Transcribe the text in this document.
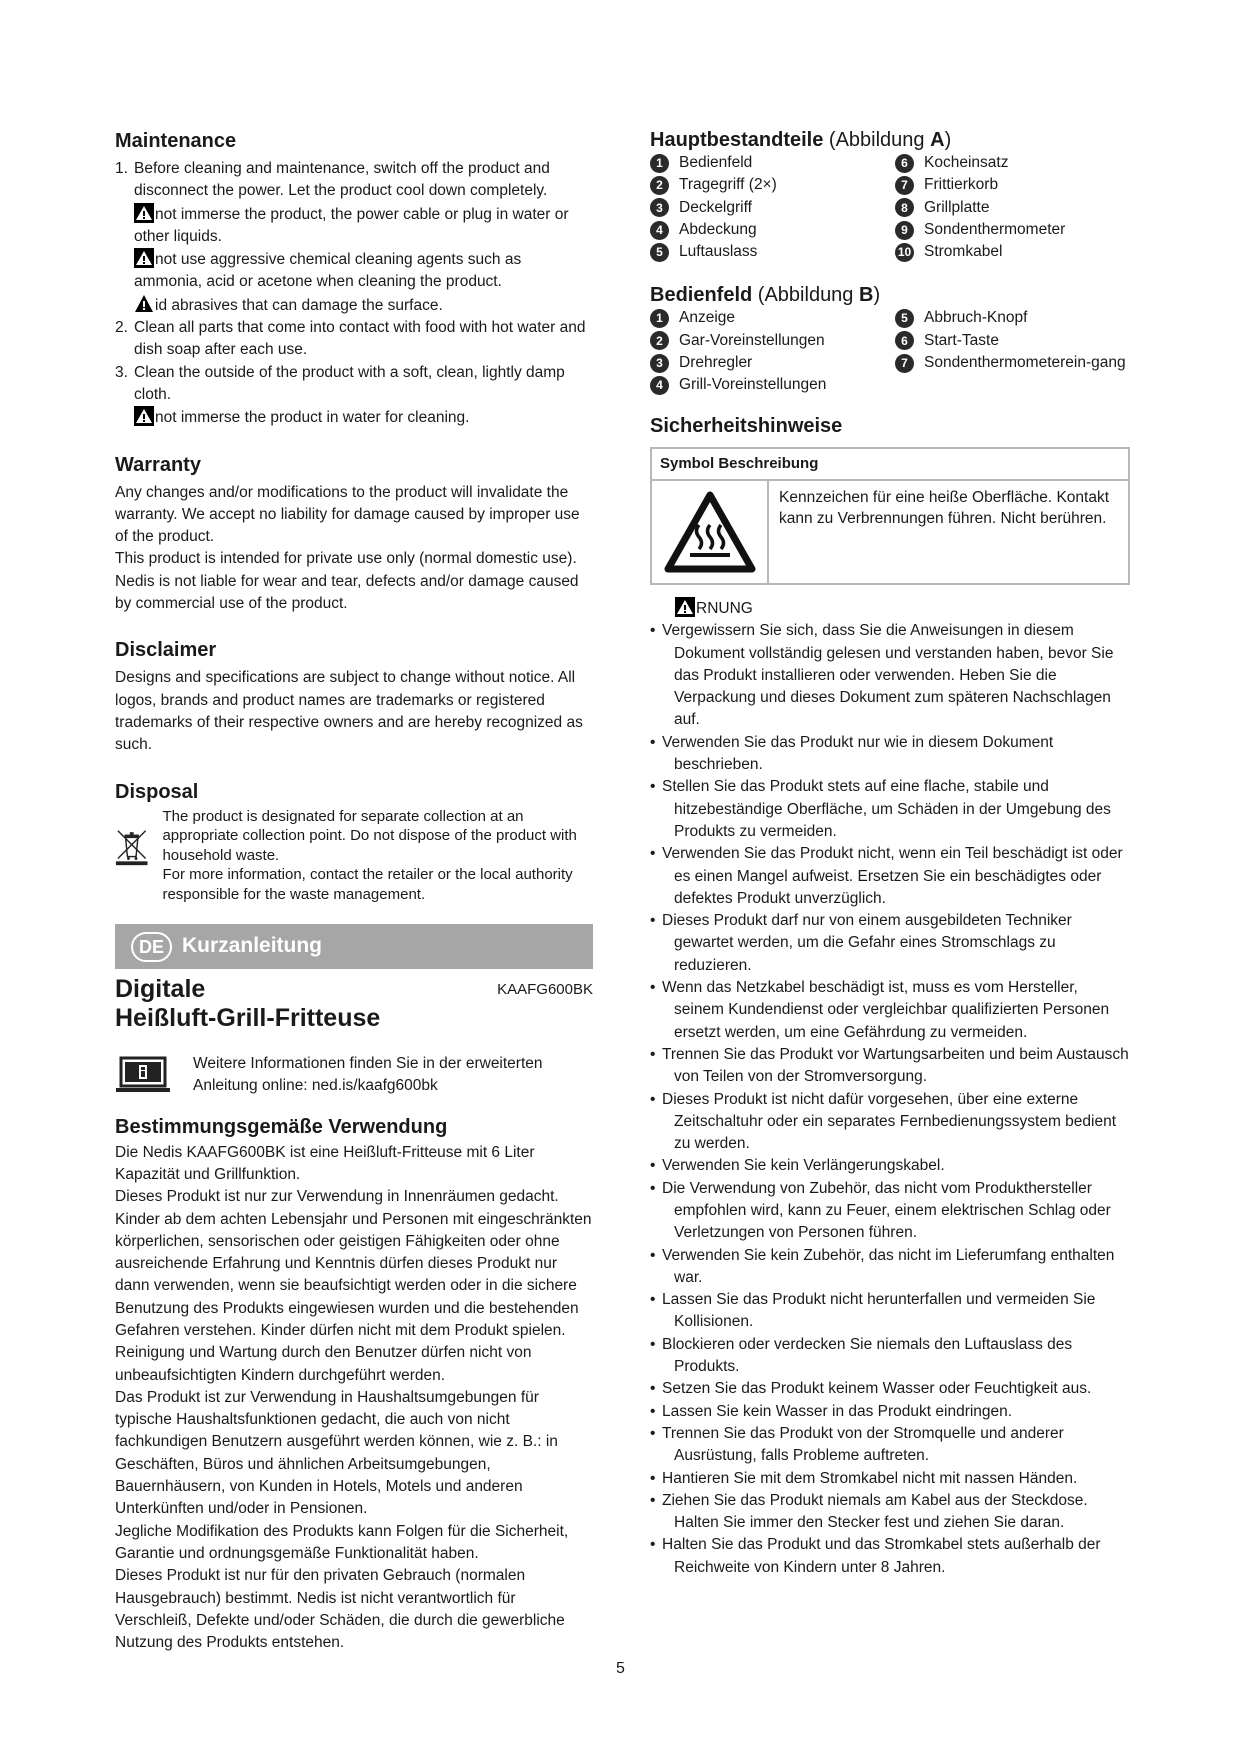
Maintenance
1. Before cleaning and maintenance, switch off the product and disconnect the power. Let the product cool down completely.
not immerse the product, the power cable or plug in water or other liquids.
not use aggressive chemical cleaning agents such as ammonia, acid or acetone when cleaning the product.
id abrasives that can damage the surface.
2. Clean all parts that come into contact with food with hot water and dish soap after each use.
3. Clean the outside of the product with a soft, clean, lightly damp cloth.
not immerse the product in water for cleaning.
Warranty

Any changes and/or modifications to the product will invalidate the warranty. We accept no liability for damage caused by improper use of the product.

This product is intended for private use only (normal domestic use). Nedis is not liable for wear and tear, defects and/or damage caused by commercial use of the product.

Disclaimer

Designs and specifications are subject to change without notice. All logos, brands and product names are trademarks or registered trademarks of their respective owners and are hereby recognized as such.

Disposal

The product is designated for separate collection at an appropriate collection point. Do not dispose of the product with household waste.

For more information, contact the retailer or the local authority responsible for the waste management.

DE Kurzanleitung
Digitale
Heißluft-Grill-Fritteuse
KAAFG600BK

Weitere Informationen finden Sie in der erweiterten Anleitung online: ned.is/kaafg600bk

Bestimmungsgemäße Verwendung

Die Nedis KAAFG600BK ist eine Heißluft-Fritteuse mit 6 Liter Kapazität und Grillfunktion.

Dieses Produkt ist nur zur Verwendung in Innenräumen gedacht.

Kinder ab dem achten Lebensjahr und Personen mit eingeschränkten körperlichen, sensorischen oder geistigen Fähigkeiten oder ohne ausreichende Erfahrung und Kenntnis dürfen dieses Produkt nur dann verwenden, wenn sie beaufsichtigt werden oder in die sichere Benutzung des Produkts eingewiesen wurden und die bestehenden Gefahren verstehen. Kinder dürfen nicht mit dem Produkt spielen. Reinigung und Wartung durch den Benutzer dürfen nicht von unbeaufsichtigten Kindern durchgeführt werden.

Das Produkt ist zur Verwendung in Haushaltsumgebungen für typische Haushaltsfunktionen gedacht, die auch von nicht fachkundigen Benutzern ausgeführt werden können, wie z. B.: in Geschäften, Büros und ähnlichen Arbeitsumgebungen, Bauernhäusern, von Kunden in Hotels, Motels und anderen Unterkünften und/oder in Pensionen.

Jegliche Modifikation des Produkts kann Folgen für die Sicherheit, Garantie und ordnungsgemäße Funktionalität haben.

Dieses Produkt ist nur für den privaten Gebrauch (normalen Hausgebrauch) bestimmt. Nedis ist nicht verantwortlich für Verschleiß, Defekte und/oder Schäden, die durch die gewerbliche Nutzung des Produkts entstehen.

Hauptbestandteile (Abbildung A)
1	Bedienfeld	6	Kocheinsatz
2	Tragegriff (2×)	7	Frittierkorb
3	Deckelgriff	8	Grillplatte
4	Abdeckung	9	Sondenthermometer
5	Luftauslass	10 Stromkabel
Bedienfeld (Abbildung B)
1	Anzeige	5	Abbruch-Knopf
2	Gar-Voreinstellungen	6	Start-Taste
3	Drehregler	7	Sondenthermometerein-gang
4	Grill-Voreinstellungen
Sicherheitshinweise
Symbol Beschreibung

	Kennzeichen für eine heiße Oberfläche. Kontakt kann zu Verbrennungen führen. Nicht berühren.
RNUNG
• Vergewissern Sie sich, dass Sie die Anweisungen in diesem Dokument vollständig gelesen und verstanden haben, bevor Sie das Produkt installieren oder verwenden. Heben Sie die Verpackung und dieses Dokument zum späteren Nachschlagen auf.
• Verwenden Sie das Produkt nur wie in diesem Dokument beschrieben.
• Stellen Sie das Produkt stets auf eine flache, stabile und hitzebeständige Oberfläche, um Schäden in der Umgebung des Produkts zu vermeiden.
• Verwenden Sie das Produkt nicht, wenn ein Teil beschädigt ist oder es einen Mangel aufweist. Ersetzen Sie ein beschädigtes oder defektes Produkt unverzüglich.
• Dieses Produkt darf nur von einem ausgebildeten Techniker gewartet werden, um die Gefahr eines Stromschlags zu reduzieren.
• Wenn das Netzkabel beschädigt ist, muss es vom Hersteller, seinem Kundendienst oder vergleichbar qualifizierten Personen ersetzt werden, um eine Gefährdung zu vermeiden.
• Trennen Sie das Produkt vor Wartungsarbeiten und beim Austausch von Teilen von der Stromversorgung.
• Dieses Produkt ist nicht dafür vorgesehen, über eine externe Zeitschaltuhr oder ein separates Fernbedienungssystem bedient zu werden.
• Verwenden Sie kein Verlängerungskabel.
• Die Verwendung von Zubehör, das nicht vom Produkthersteller empfohlen wird, kann zu Feuer, einem elektrischen Schlag oder Verletzungen von Personen führen.
• Verwenden Sie kein Zubehör, das nicht im Lieferumfang enthalten war.
• Lassen Sie das Produkt nicht herunterfallen und vermeiden Sie Kollisionen.
• Blockieren oder verdecken Sie niemals den Luftauslass des Produkts.
• Setzen Sie das Produkt keinem Wasser oder Feuchtigkeit aus.
• Lassen Sie kein Wasser in das Produkt eindringen.
• Trennen Sie das Produkt von der Stromquelle und anderer Ausrüstung, falls Probleme auftreten.
• Hantieren Sie mit dem Stromkabel nicht mit nassen Händen.
• Ziehen Sie das Produkt niemals am Kabel aus der Steckdose. Halten Sie immer den Stecker fest und ziehen Sie daran.
• Halten Sie das Produkt und das Stromkabel stets außerhalb der Reichweite von Kindern unter 8 Jahren.
5
